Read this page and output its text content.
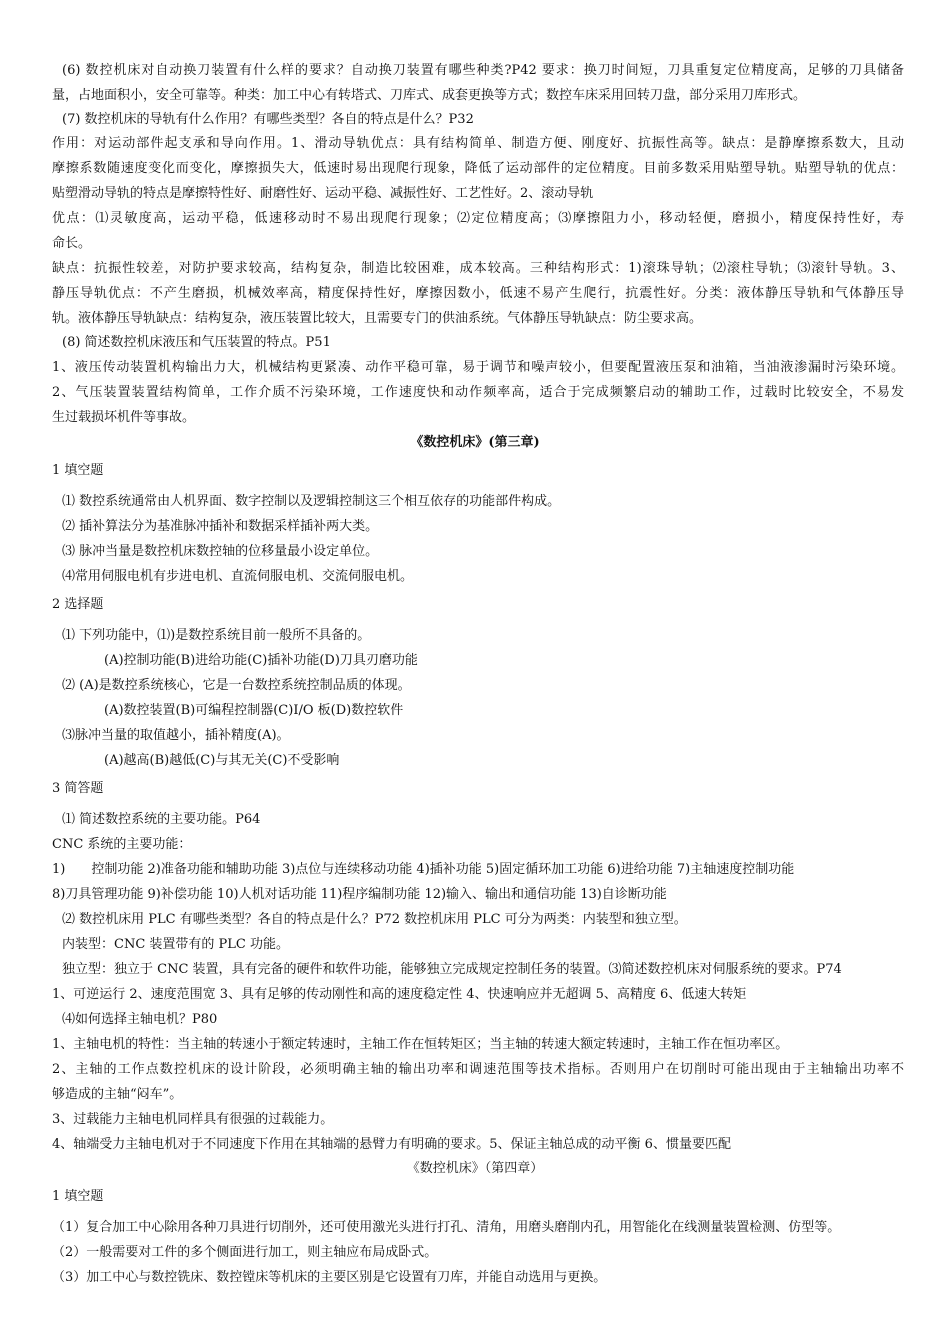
(6) 数控机床对自动换刀装置有什么样的要求？自动换刀装置有哪些种类?P42 要求：换刀时间短，刀具重复定位精度高，足够的刀具储备
量，占地面积小，安全可靠等。种类：加工中心有转塔式、刀库式、成套更换等方式；数控车床采用回转刀盘，部分采用刀库形式。
(7) 数控机床的导轨有什么作用？有哪些类型？各自的特点是什么？P32
作用：对运动部件起支承和导向作用。1、滑动导轨优点：具有结构简单、制造方便、刚度好、抗振性高等。缺点：是静摩擦系数大，且动
摩擦系数随速度变化而变化，摩擦损失大，低速时易出现爬行现象，降低了运动部件的定位精度。目前多数采用贴塑导轨。贴塑导轨的优点：
贴塑滑动导轨的特点是摩擦特性好、耐磨性好、运动平稳、减振性好、工艺性好。2、滚动导轨
优点：⑴灵敏度高，运动平稳，低速移动时不易出现爬行现象；⑵定位精度高；⑶摩擦阻力小，移动轻便，磨损小，精度保持性好，寿
命长。
缺点：抗振性较差，对防护要求较高，结构复杂，制造比较困难，成本较高。三种结构形式：1)滚珠导轨；⑵滚柱导轨；⑶滚针导轨。3、
静压导轨优点：不产生磨损，机械效率高，精度保持性好，摩擦因数小，低速不易产生爬行，抗震性好。分类：液体静压导轨和气体静压导
轨。液体静压导轨缺点：结构复杂，液压装置比较大，且需要专门的供油系统。气体静压导轨缺点：防尘要求高。
(8) 简述数控机床液压和气压装置的特点。P51
1、液压传动装置机构输出力大，机械结构更紧凑、动作平稳可靠，易于调节和噪声较小，但要配置液压泵和油箱，当油液渗漏时污染环境。
2、气压装置装置结构简单，工作介质不污染环境，工作速度快和动作频率高，适合于完成频繁启动的辅助工作，过载时比较安全，不易发
生过载损坏机件等事故。
《数控机床》(第三章)
1 填空题
⑴ 数控系统通常由人机界面、数字控制以及逻辑控制这三个相互依存的功能部件构成。
⑵ 插补算法分为基准脉冲插补和数据采样插补两大类。
⑶ 脉冲当量是数控机床数控轴的位移量最小设定单位。
⑷常用伺服电机有步进电机、直流伺服电机、交流伺服电机。
2 选择题
⑴ 下列功能中，⑴)是数控系统目前一般所不具备的。
(A)控制功能(B)进给功能(C)插补功能(D)刀具刃磨功能
⑵ (A)是数控系统核心，它是一台数控系统控制品质的体现。
(A)数控装置(B)可编程控制器(C)I/O 板(D)数控软件
⑶脉冲当量的取值越小，插补精度(A)。
(A)越高(B)越低(C)与其无关(C)不受影响
3 简答题
⑴ 简述数控系统的主要功能。P64
CNC 系统的主要功能：
1)　　控制功能 2)准备功能和辅助功能 3)点位与连续移动功能 4)插补功能 5)固定循环加工功能 6)进给功能 7)主轴速度控制功能
8)刀具管理功能 9)补偿功能 10)人机对话功能 11)程序编制功能 12)输入、输出和通信功能 13)自诊断功能
⑵ 数控机床用 PLC 有哪些类型？各自的特点是什么？P72 数控机床用 PLC 可分为两类：内装型和独立型。
内装型：CNC 装置带有的 PLC 功能。
独立型：独立于 CNC 装置，具有完备的硬件和软件功能，能够独立完成规定控制任务的装置。⑶简述数控机床对伺服系统的要求。P74
1、可逆运行 2、速度范围宽 3、具有足够的传动刚性和高的速度稳定性 4、快速响应并无超调 5、高精度 6、低速大转矩
⑷如何选择主轴电机？P80
1、主轴电机的特性：当主轴的转速小于额定转速时，主轴工作在恒转矩区；当主轴的转速大额定转速时，主轴工作在恒功率区。
2、主轴的工作点数控机床的设计阶段，必须明确主轴的输出功率和调速范围等技术指标。否则用户在切削时可能出现由于主轴输出功率不
够造成的主轴“闷车”。
3、过载能力主轴电机同样具有很强的过载能力。
4、轴端受力主轴电机对于不同速度下作用在其轴端的悬臂力有明确的要求。5、保证主轴总成的动平衡 6、惯量要匹配
《数控机床》（第四章）
1 填空题
（1）复合加工中心除用各种刀具进行切削外，还可使用激光头进行打孔、清角，用磨头磨削内孔，用智能化在线测量装置检测、仿型等。
（2）一般需要对工件的多个侧面进行加工，则主轴应布局成卧式。
（3）加工中心与数控铣床、数控镗床等机床的主要区别是它设置有刀库，并能自动选用与更换。
